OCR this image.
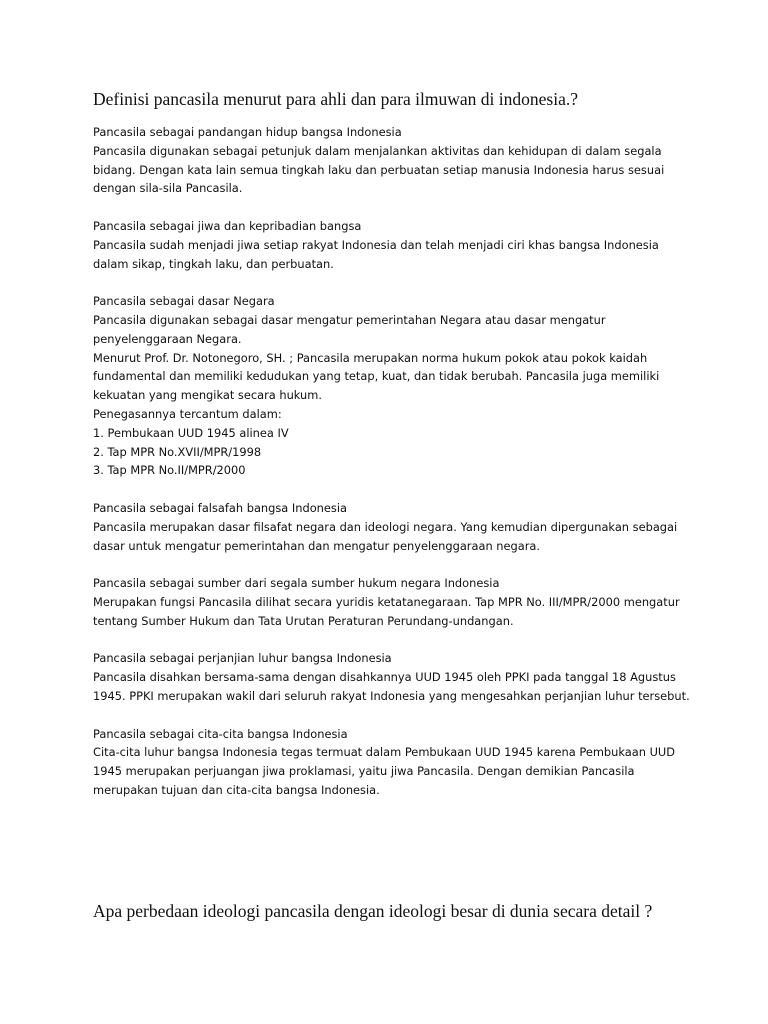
Definisi pancasila menurut para ahli dan para ilmuwan di indonesia.?
Pancasila sebagai pandangan hidup bangsa Indonesia
Pancasila digunakan sebagai petunjuk dalam menjalankan aktivitas dan kehidupan di dalam segala bidang. Dengan kata lain semua tingkah laku dan perbuatan setiap manusia Indonesia harus sesuai dengan sila-sila Pancasila.
Pancasila sebagai jiwa dan kepribadian bangsa
Pancasila sudah menjadi jiwa setiap rakyat Indonesia dan telah menjadi ciri khas bangsa Indonesia dalam sikap, tingkah laku, dan perbuatan.
Pancasila sebagai dasar Negara
Pancasila digunakan sebagai dasar mengatur pemerintahan Negara atau dasar mengatur penyelenggaraan Negara.
Menurut Prof. Dr. Notonegoro, SH. ; Pancasila merupakan norma hukum pokok atau pokok kaidah fundamental dan memiliki kedudukan yang tetap, kuat, dan tidak berubah. Pancasila juga memiliki kekuatan yang mengikat secara hukum.
Penegasannya tercantum dalam:
1. Pembukaan UUD 1945 alinea IV
2. Tap MPR No.XVII/MPR/1998
3. Tap MPR No.II/MPR/2000
Pancasila sebagai falsafah bangsa Indonesia
Pancasila merupakan dasar filsafat negara dan ideologi negara. Yang kemudian dipergunakan sebagai dasar untuk mengatur pemerintahan dan mengatur penyelenggaraan negara.
Pancasila sebagai sumber dari segala sumber hukum negara Indonesia
Merupakan fungsi Pancasila dilihat secara yuridis ketatanegaraan. Tap MPR No. III/MPR/2000 mengatur tentang Sumber Hukum dan Tata Urutan Peraturan Perundang-undangan.
Pancasila sebagai perjanjian luhur bangsa Indonesia
Pancasila disahkan bersama-sama dengan disahkannya UUD 1945 oleh PPKI pada tanggal 18 Agustus 1945. PPKI merupakan wakil dari seluruh rakyat Indonesia yang mengesahkan perjanjian luhur tersebut.
Pancasila sebagai cita-cita bangsa Indonesia
Cita-cita luhur bangsa Indonesia tegas termuat dalam Pembukaan UUD 1945 karena Pembukaan UUD 1945 merupakan perjuangan jiwa proklamasi, yaitu jiwa Pancasila. Dengan demikian Pancasila merupakan tujuan dan cita-cita bangsa Indonesia.
Apa perbedaan ideologi pancasila dengan ideologi besar di dunia secara detail ?
